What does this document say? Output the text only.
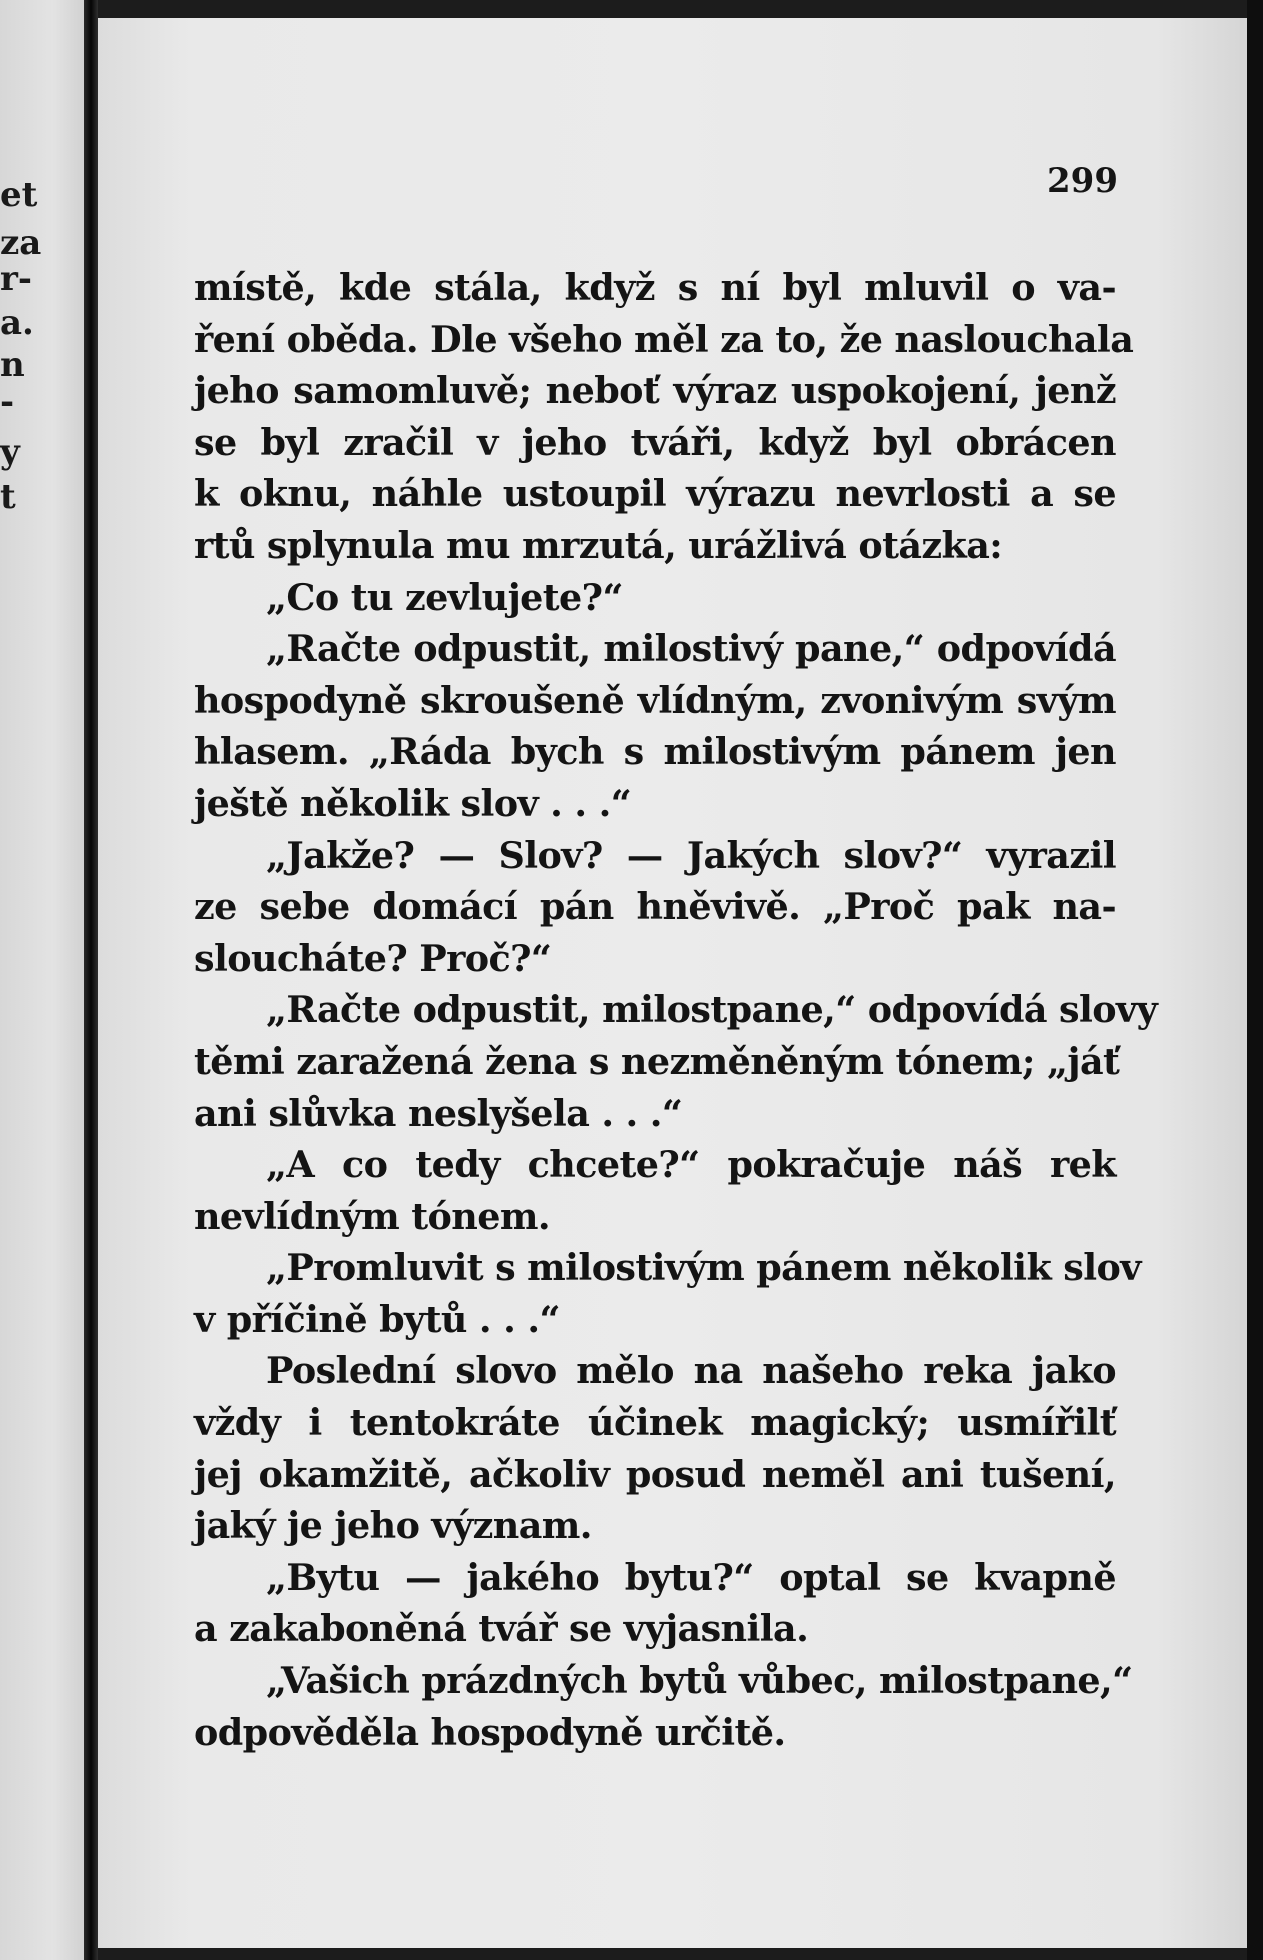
et
za
r-
a.
n
-
y
t
299
místě, kde stála, když s ní byl mluvil o va-
ření oběda. Dle všeho měl za to, že naslouchala
jeho samomluvě; neboť výraz uspokojení, jenž
se byl zračil v jeho tváři, když byl obrácen
k oknu, náhle ustoupil výrazu nevrlosti a se
rtů splynula mu mrzutá, urážlivá otázka:
„Co tu zevlujete?“
„Račte odpustit, milostivý pane,“ odpovídá
hospodyně skroušeně vlídným, zvonivým svým
hlasem. „Ráda bych s milostivým pánem jen
ještě několik slov . . .“
„Jakže? — Slov? — Jakých slov?“ vyrazil
ze sebe domácí pán hněvivě. „Proč pak na-
sloucháte? Proč?“
„Račte odpustit, milostpane,“ odpovídá slovy
těmi zaražená žena s nezměněným tónem; „jáť
ani slůvka neslyšela . . .“
„A co tedy chcete?“ pokračuje náš rek
nevlídným tónem.
„Promluvit s milostivým pánem několik slov
v příčině bytů . . .“
Poslední slovo mělo na našeho reka jako
vždy i tentokráte účinek magický; usmířilť
jej okamžitě, ačkoliv posud neměl ani tušení,
jaký je jeho význam.
„Bytu — jakého bytu?“ optal se kvapně
a zakaboněná tvář se vyjasnila.
„Vašich prázdných bytů vůbec, milostpane,“
odpověděla hospodyně určitě.
